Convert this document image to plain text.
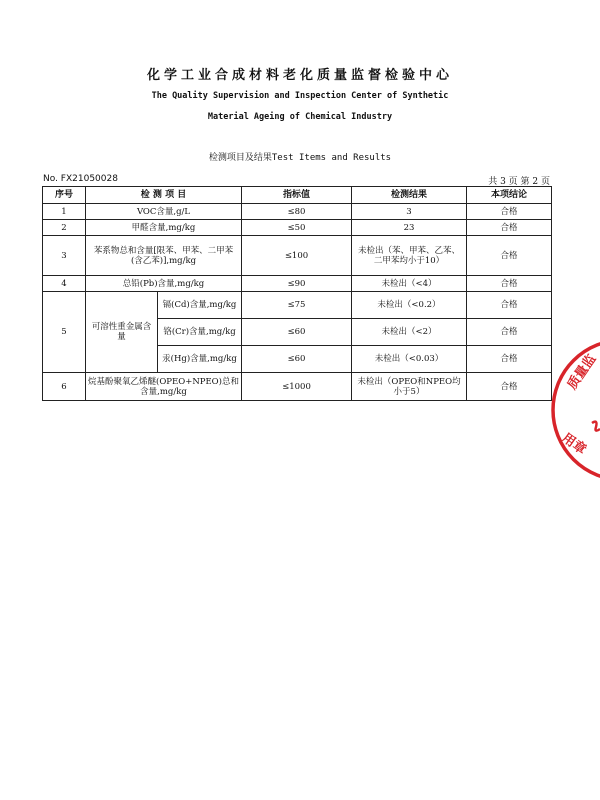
化学工业合成材料老化质量监督检验中心
The Quality Supervision and Inspection Center of Synthetic
Material Ageing of Chemical Industry
检测项目及结果Test Items and Results
No. FX21050028	共 3 页 第 2 页
序号	检 测 项 目		指标值	检测结果	本项结论
1	VOC含量,g/L		≤80	3	合格
2	甲醛含量,mg/kg		≤50	23	合格
3	苯系物总和含量[限苯、甲苯、二甲苯(含乙苯)],mg/kg		≤100	未检出（苯、甲苯、乙苯、二甲苯均小于10）	合格
4	总铅(Pb)含量,mg/kg		≤90	未检出（<4）	合格
5	可溶性重金属含量	镉(Cd)含量,mg/kg	≤75	未检出（<0.2）	合格
		铬(Cr)含量,mg/kg	≤60	未检出（<2）	合格
		汞(Hg)含量,mg/kg	≤60	未检出（<0.03）	合格
6	烷基酚聚氧乙烯醚(OPEO+NPEO)总和含量,mg/kg		≤1000	未检出（OPEO和NPEO均小于5）	合格	质量监
用章
